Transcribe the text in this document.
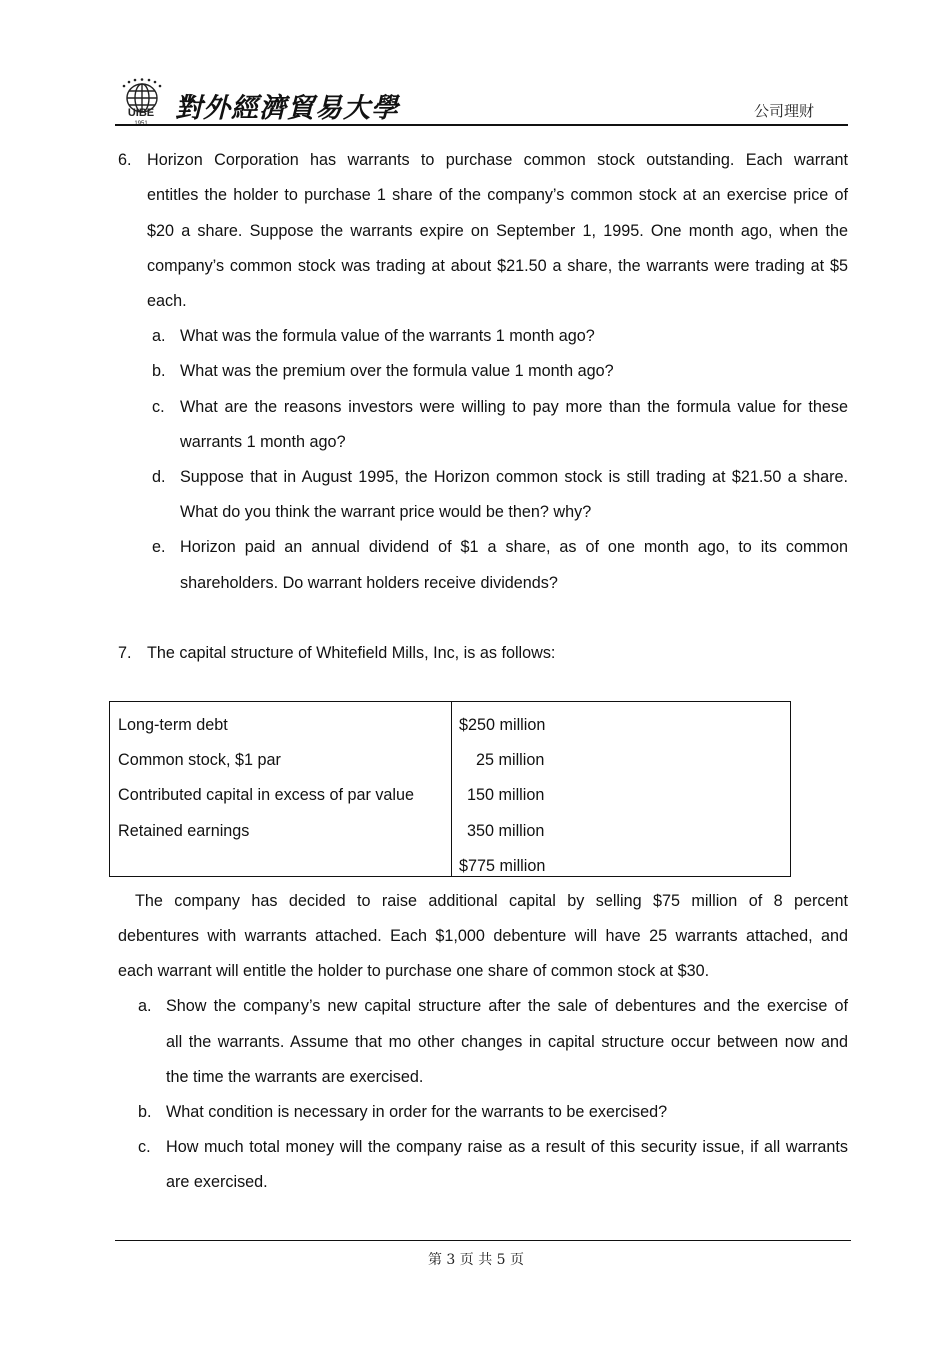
UIBE 對外經濟貿易大學	公司理财
6. Horizon Corporation has warrants to purchase common stock outstanding. Each warrant
entitles the holder to purchase 1 share of the company’s common stock at an exercise price of
$20 a share. Suppose the warrants expire on September 1, 1995. One month ago, when the
company’s common stock was trading at about $21.50 a share, the warrants were trading at $5
each.
a. What was the formula value of the warrants 1 month ago?
b. What was the premium over the formula value 1 month ago?
c. What are the reasons investors were willing to pay more than the formula value for these
warrants 1 month ago?
d. Suppose that in August 1995, the Horizon common stock is still trading at $21.50 a share.
What do you think the warrant price would be then? why?
e. Horizon paid an annual dividend of $1 a share, as of one month ago, to its common
shareholders. Do warrant holders receive dividends?
7. The capital structure of Whitefield Mills, Inc, is as follows:
Long-term debt
Common stock, $1 par
Contributed capital in excess of par value
Retained earnings
$250 million
25 million
150 million
350 million
$775 million
The company has decided to raise additional capital by selling $75 million of 8 percent
debentures with warrants attached. Each $1,000 debenture will have 25 warrants attached, and
each warrant will entitle the holder to purchase one share of common stock at $30.
a. Show the company’s new capital structure after the sale of debentures and the exercise of
all the warrants. Assume that mo other changes in capital structure occur between now and
the time the warrants are exercised.
b. What condition is necessary in order for the warrants to be exercised?
c. How much total money will the company raise as a result of this security issue, if all warrants
are exercised.
第 3 页 共 5 页
